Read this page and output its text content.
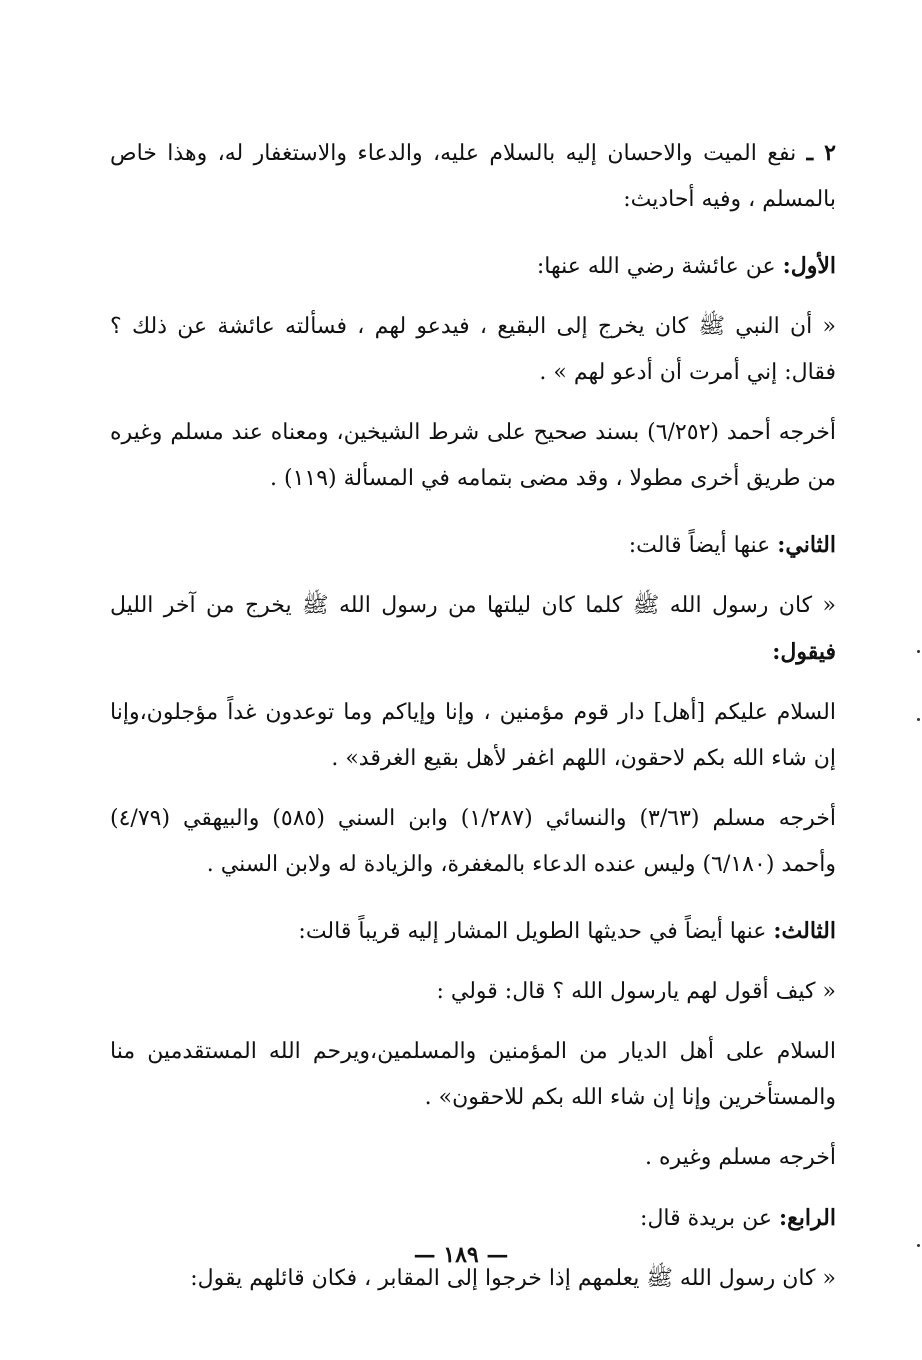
٢ ـ نفع الميت والاحسان إليه بالسلام عليه، والدعاء والاستغفار له، وهذا خاص بالمسلم ، وفيه أحاديث:

الأول: عن عائشة رضي الله عنها:

« أن النبي ﷺ كان يخرج إلى البقيع ، فيدعو لهم ، فسألته عائشة عن ذلك ؟ فقال: إني أمرت أن أدعو لهم » .

أخرجه أحمد (٦/٢٥٢) بسند صحيح على شرط الشيخين، ومعناه عند مسلم وغيره من طريق أخرى مطولا ، وقد مضى بتمامه في المسألة (١١٩) .

الثاني: عنها أيضاً قالت:

« كان رسول الله ﷺ كلما كان ليلتها من رسول الله ﷺ يخرج من آخر الليل فيقول:

السلام عليكم [أهل] دار قوم مؤمنين ، وإنا وإياكم وما توعدون غداً مؤجلون،وإنا إن شاء الله بكم لاحقون، اللهم اغفر لأهل بقيع الغرقد» .

أخرجه مسلم (٣/٦٣) والنسائي (١/٢٨٧) وابن السني (٥٨٥) والبيهقي (٤/٧٩) وأحمد (٦/١٨٠) وليس عنده الدعاء بالمغفرة، والزيادة له ولابن السني .

الثالث: عنها أيضاً في حديثها الطويل المشار إليه قريباً قالت:

« كيف أقول لهم يارسول الله ؟ قال: قولي :

السلام على أهل الديار من المؤمنين والمسلمين،ويرحم الله المستقدمين منا والمستأخرين وإنا إن شاء الله بكم للاحقون» .

أخرجه مسلم وغيره .

الرابع: عن بريدة قال:

« كان رسول الله ﷺ يعلمهم إذا خرجوا إلى المقابر ، فكان قائلهم يقول:

— ١٨٩ —
